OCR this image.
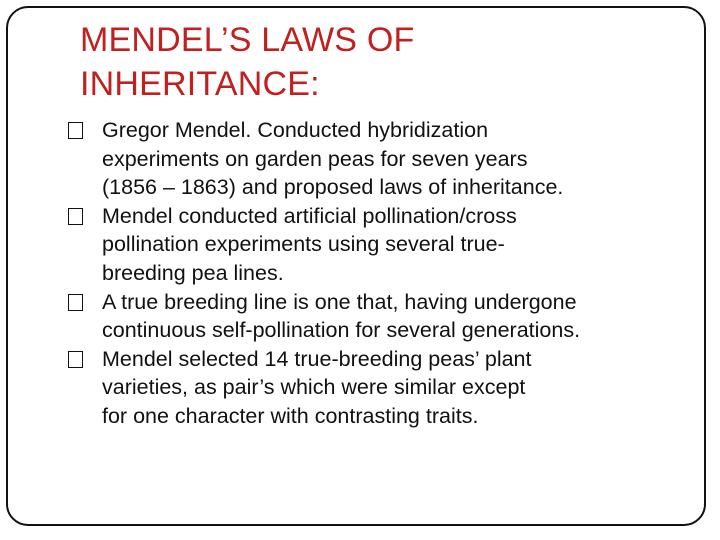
MENDEL’S LAWS OF
INHERITANCE:
Gregor Mendel. Conducted hybridization
experiments on garden peas for seven years
(1856 – 1863) and proposed laws of inheritance.
Mendel conducted artificial pollination/cross
pollination experiments using several true-
breeding pea lines.
A true breeding line is one that, having undergone
continuous self-pollination for several generations.
Mendel selected 14 true-breeding peas’ plant
varieties, as pair’s which were similar except
for one character with contrasting traits.
